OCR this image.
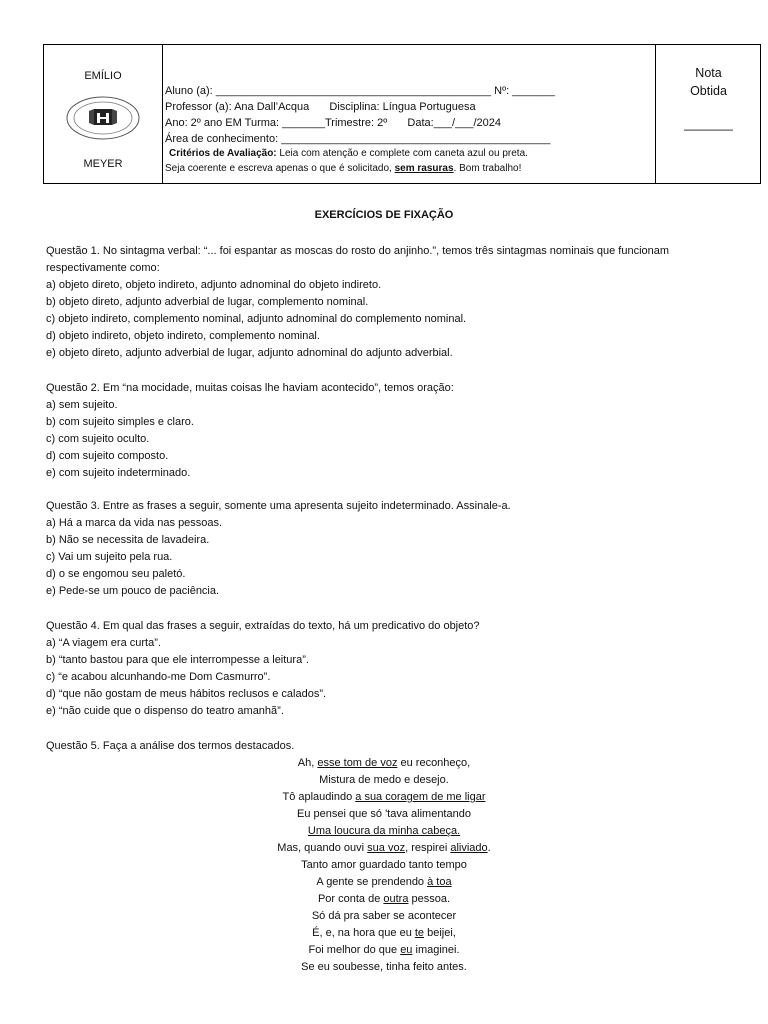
EMÍLIO
MEYER
Aluno (a): _____________________________________________ Nº: _______
Professor (a): Ana Dall’Acqua Disciplina: Língua Portuguesa
Ano: 2º ano EM Turma: _______Trimestre: 2º Data:___/___/2024
Área de conhecimento: ____________________________________________
Critérios de Avaliação: Leia com atenção e complete com caneta azul ou preta.
Seja coerente e escreva apenas o que é solicitado, sem rasuras. Bom trabalho!
Nota
Obtida
_______
EXERCÍCIOS DE FIXAÇÃO
Questão 1. No sintagma verbal: “... foi espantar as moscas do rosto do anjinho.”, temos três sintagmas nominais que funcionam
respectivamente como:
a) objeto direto, objeto indireto, adjunto adnominal do objeto indireto.
b) objeto direto, adjunto adverbial de lugar, complemento nominal.
c) objeto indireto, complemento nominal, adjunto adnominal do complemento nominal.
d) objeto indireto, objeto indireto, complemento nominal.
e) objeto direto, adjunto adverbial de lugar, adjunto adnominal do adjunto adverbial.
Questão 2. Em “na mocidade, muitas coisas lhe haviam acontecido”, temos oração:
a) sem sujeito.
b) com sujeito simples e claro.
c) com sujeito oculto.
d) com sujeito composto.
e) com sujeito indeterminado.
Questão 3. Entre as frases a seguir, somente uma apresenta sujeito indeterminado. Assinale-a.
a) Há a marca da vida nas pessoas.
b) Não se necessita de lavadeira.
c) Vai um sujeito pela rua.
d) o se engomou seu paletó.
e) Pede-se um pouco de paciência.
Questão 4. Em qual das frases a seguir, extraídas do texto, há um predicativo do objeto?
a) “A viagem era curta”.
b) “tanto bastou para que ele interrompesse a leitura”.
c) “e acabou alcunhando-me Dom Casmurro”.
d) “que não gostam de meus hábitos reclusos e calados”.
e) “não cuide que o dispenso do teatro amanhã”.
Questão 5. Faça a análise dos termos destacados.
Ah, esse tom de voz eu reconheço,
Mistura de medo e desejo.
Tô aplaudindo a sua coragem de me ligar
Eu pensei que só 'tava alimentando
Uma loucura da minha cabeça.
Mas, quando ouvi sua voz, respirei aliviado.
Tanto amor guardado tanto tempo
A gente se prendendo à toa
Por conta de outra pessoa.
Só dá pra saber se acontecer
É, e, na hora que eu te beijei,
Foi melhor do que eu imaginei.
Se eu soubesse, tinha feito antes.
